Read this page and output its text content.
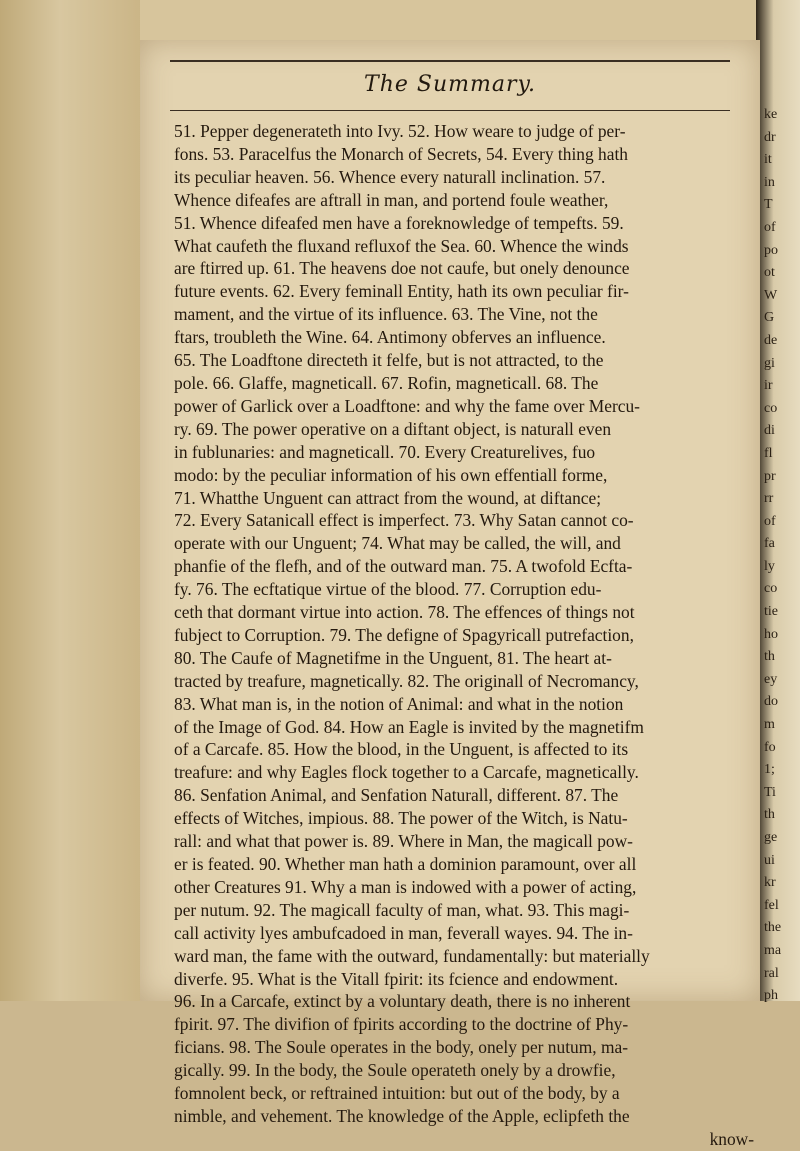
ke
dr
it
in
T
of
po
ot
W
G
de
gi
ir
co
di
fl
pr
rr
of
fa
ly
co
tie
ho
th
ey
do
m
fo
1;
Ti
th
ge
ui
kr
fel
the
ma
ral
ph
The Summary.
51. Pepper degenerateth into Ivy. 52. How weare to judge of per-
fons. 53. Paracelfus the Monarch of Secrets, 54. Every thing hath
its peculiar heaven. 56. Whence every naturall inclination. 57.
Whence difeafes are aftrall in man, and portend foule weather,
51. Whence difeafed men have a foreknowledge of tempefts. 59.
What caufeth the fluxand refluxof the Sea. 60. Whence the winds
are ftirred up. 61. The heavens doe not caufe, but onely denounce
future events. 62. Every feminall Entity, hath its own peculiar fir-
mament, and the virtue of its influence. 63. The Vine, not the
ftars, troubleth the Wine. 64. Antimony obferves an influence.
65. The Loadftone directeth it felfe, but is not attracted, to the
pole. 66. Glaffe, magneticall. 67. Rofin, magneticall. 68. The
power of Garlick over a Loadftone: and why the fame over Mercu-
ry. 69. The power operative on a diftant object, is naturall even
in fublunaries: and magneticall. 70. Every Creaturelives, fuo
modo: by the peculiar information of his own effentiall forme,
71. Whatthe Unguent can attract from the wound, at diftance;
72. Every Satanicall effect is imperfect. 73. Why Satan cannot co-
operate with our Unguent; 74. What may be called, the will, and
phanfie of the flefh, and of the outward man. 75. A twofold Ecfta-
fy. 76. The ecftatique virtue of the blood. 77. Corruption edu-
ceth that dormant virtue into action. 78. The effences of things not
fubject to Corruption. 79. The defigne of Spagyricall putrefaction,
80. The Caufe of Magnetifme in the Unguent, 81. The heart at-
tracted by treafure, magnetically. 82. The originall of Necromancy,
83. What man is, in the notion of Animal: and what in the notion
of the Image of God. 84. How an Eagle is invited by the magnetifm
of a Carcafe. 85. How the blood, in the Unguent, is affected to its
treafure: and why Eagles flock together to a Carcafe, magnetically.
86. Senfation Animal, and Senfation Naturall, different. 87. The
effects of Witches, impious. 88. The power of the Witch, is Natu-
rall: and what that power is. 89. Where in Man, the magicall pow-
er is feated. 90. Whether man hath a dominion paramount, over all
other Creatures 91. Why a man is indowed with a power of acting,
per nutum. 92. The magicall faculty of man, what. 93. This magi-
call activity lyes ambufcadoed in man, feverall wayes. 94. The in-
ward man, the fame with the outward, fundamentally: but materially
diverfe. 95. What is the Vitall fpirit: its fcience and endowment.
96. In a Carcafe, extinct by a voluntary death, there is no inherent
fpirit. 97. The divifion of fpirits according to the doctrine of Phy-
ficians. 98. The Soule operates in the body, onely per nutum, ma-
gically. 99. In the body, the Soule operateth onely by a drowfie,
fomnolent beck, or reftrained intuition: but out of the body, by a
nimble, and vehement. The knowledge of the Apple, eclipfeth the
know-
